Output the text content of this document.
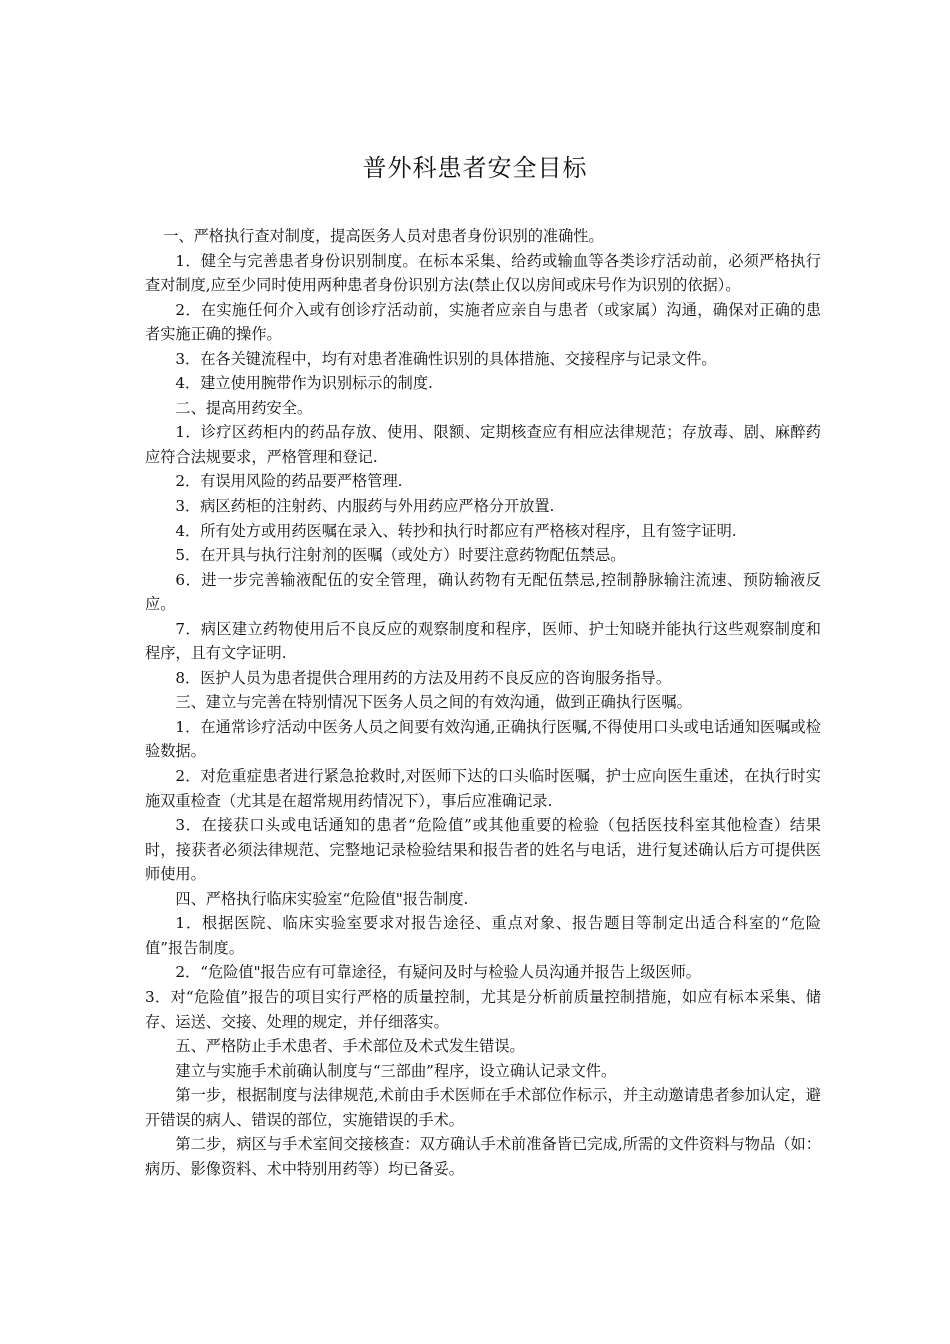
普外科患者安全目标

一、严格执行查对制度，提高医务人员对患者身份识别的准确性。

1．健全与完善患者身份识别制度。在标本采集、给药或输血等各类诊疗活动前，必须严格执行查对制度,应至少同时使用两种患者身份识别方法(禁止仅以房间或床号作为识别的依据）。

2．在实施任何介入或有创诊疗活动前，实施者应亲自与患者（或家属）沟通，确保对正确的患者实施正确的操作。

3．在各关键流程中，均有对患者准确性识别的具体措施、交接程序与记录文件。

4．建立使用腕带作为识别标示的制度.

二、提高用药安全。

1．诊疗区药柜内的药品存放、使用、限额、定期核查应有相应法律规范；存放毒、剧、麻醉药应符合法规要求，严格管理和登记.

2．有误用风险的药品要严格管理.

3．病区药柜的注射药、内服药与外用药应严格分开放置.

4．所有处方或用药医嘱在录入、转抄和执行时都应有严格核对程序，且有签字证明.

5．在开具与执行注射剂的医嘱（或处方）时要注意药物配伍禁忌。

6．进一步完善输液配伍的安全管理，确认药物有无配伍禁忌,控制静脉输注流速、预防输液反应。

7．病区建立药物使用后不良反应的观察制度和程序，医师、护士知晓并能执行这些观察制度和程序，且有文字证明.

8．医护人员为患者提供合理用药的方法及用药不良反应的咨询服务指导。

三、建立与完善在特别情况下医务人员之间的有效沟通，做到正确执行医嘱。

1．在通常诊疗活动中医务人员之间要有效沟通,正确执行医嘱,不得使用口头或电话通知医嘱或检验数据。

2．对危重症患者进行紧急抢救时,对医师下达的口头临时医嘱，护士应向医生重述，在执行时实施双重检查（尤其是在超常规用药情况下），事后应准确记录.

3．在接获口头或电话通知的患者“危险值”或其他重要的检验（包括医技科室其他检查）结果时，接获者必须法律规范、完整地记录检验结果和报告者的姓名与电话，进行复述确认后方可提供医师使用。

四、严格执行临床实验室“危险值"报告制度.

1．根据医院、临床实验室要求对报告途径、重点对象、报告题目等制定出适合科室的“危险值”报告制度。

2．“危险值"报告应有可靠途径，有疑问及时与检验人员沟通并报告上级医师。

3．对“危险值”报告的项目实行严格的质量控制，尤其是分析前质量控制措施，如应有标本采集、储存、运送、交接、处理的规定，并仔细落实。

五、严格防止手术患者、手术部位及术式发生错误。

建立与实施手术前确认制度与“三部曲”程序，设立确认记录文件。

第一步，根据制度与法律规范,术前由手术医师在手术部位作标示，并主动邀请患者参加认定，避开错误的病人、错误的部位，实施错误的手术。

第二步，病区与手术室间交接核查：双方确认手术前准备皆已完成,所需的文件资料与物品（如：病历、影像资料、术中特别用药等）均已备妥。
